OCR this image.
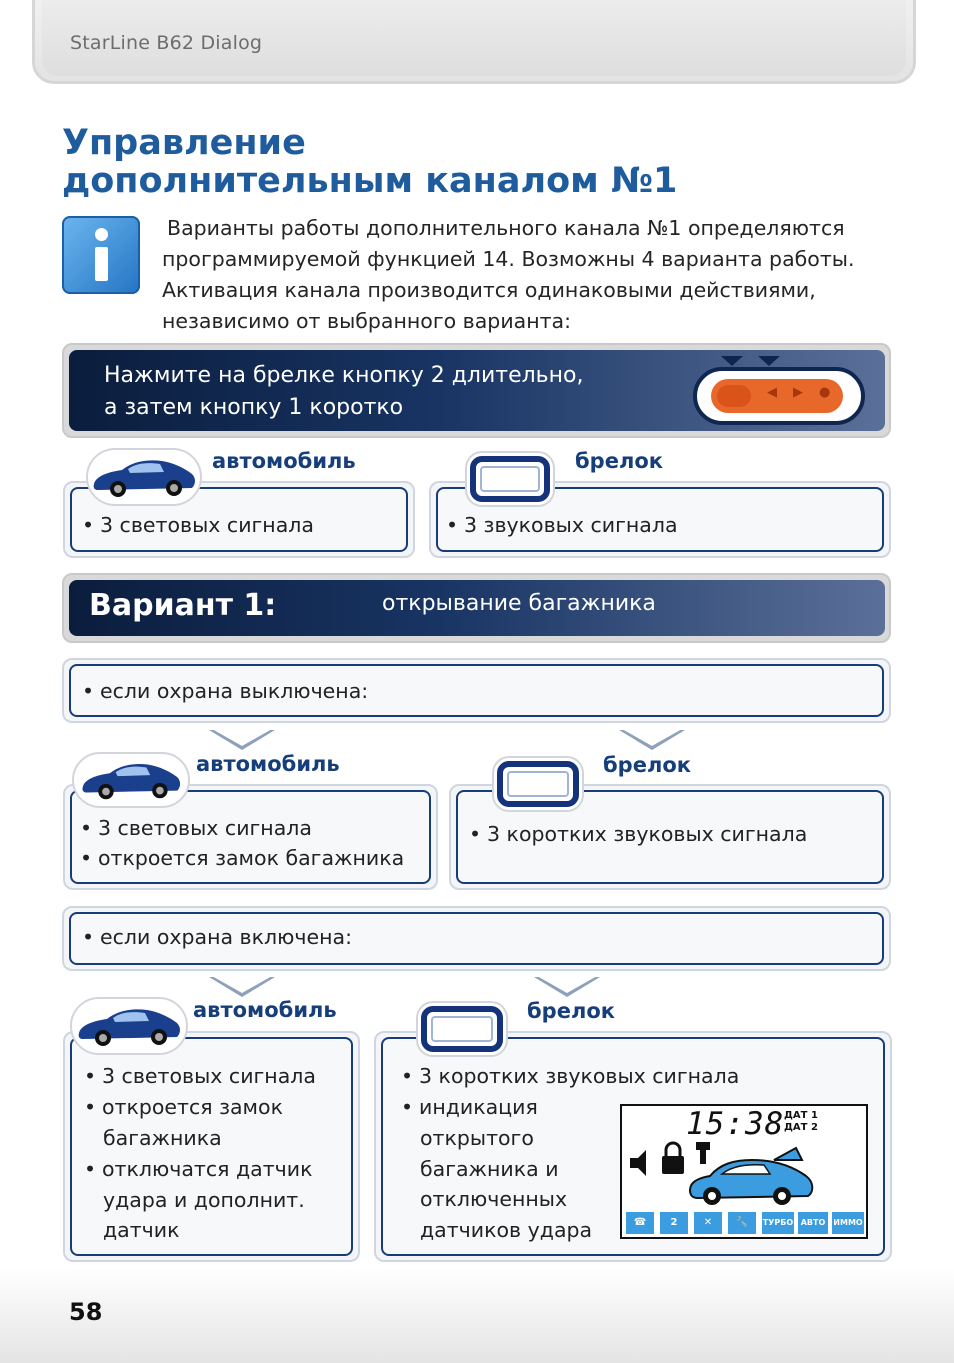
StarLine B62 Dialog
Управление
дополнительным каналом №1
Варианты работы дополнительного канала №1 определяются
программируемой функцией 14. Возможны 4 варианта работы.
Активация канала производится одинаковыми действиями,
независимо от выбранного варианта:
Нажмите на брелке кнопку 2 длительно,
а затем кнопку 1 коротко
◀ ▶ ●
• 3 световых сигнала	• 3 звуковых сигнала
автомобиль	брелок
Вариант 1:	открывание багажника
• если охрана выключена:
• 3 световых сигнала
• откроется замок багажника
• 3 коротких звуковых сигнала
автомобиль	брелок
• если охрана включена:
• 3 световых сигнала
• откроется замок
багажника
• отключатся датчик
удара и дополнит.
датчик
• 3 коротких звуковых сигнала
• индикация
открытого
багажника и
отключенных
датчиков удара
автомобиль	брелок
15:38 ДАТ 1
ДАТ 2
☎	2	✕	🔧	ТУРБО АВТО	ИММО
58
